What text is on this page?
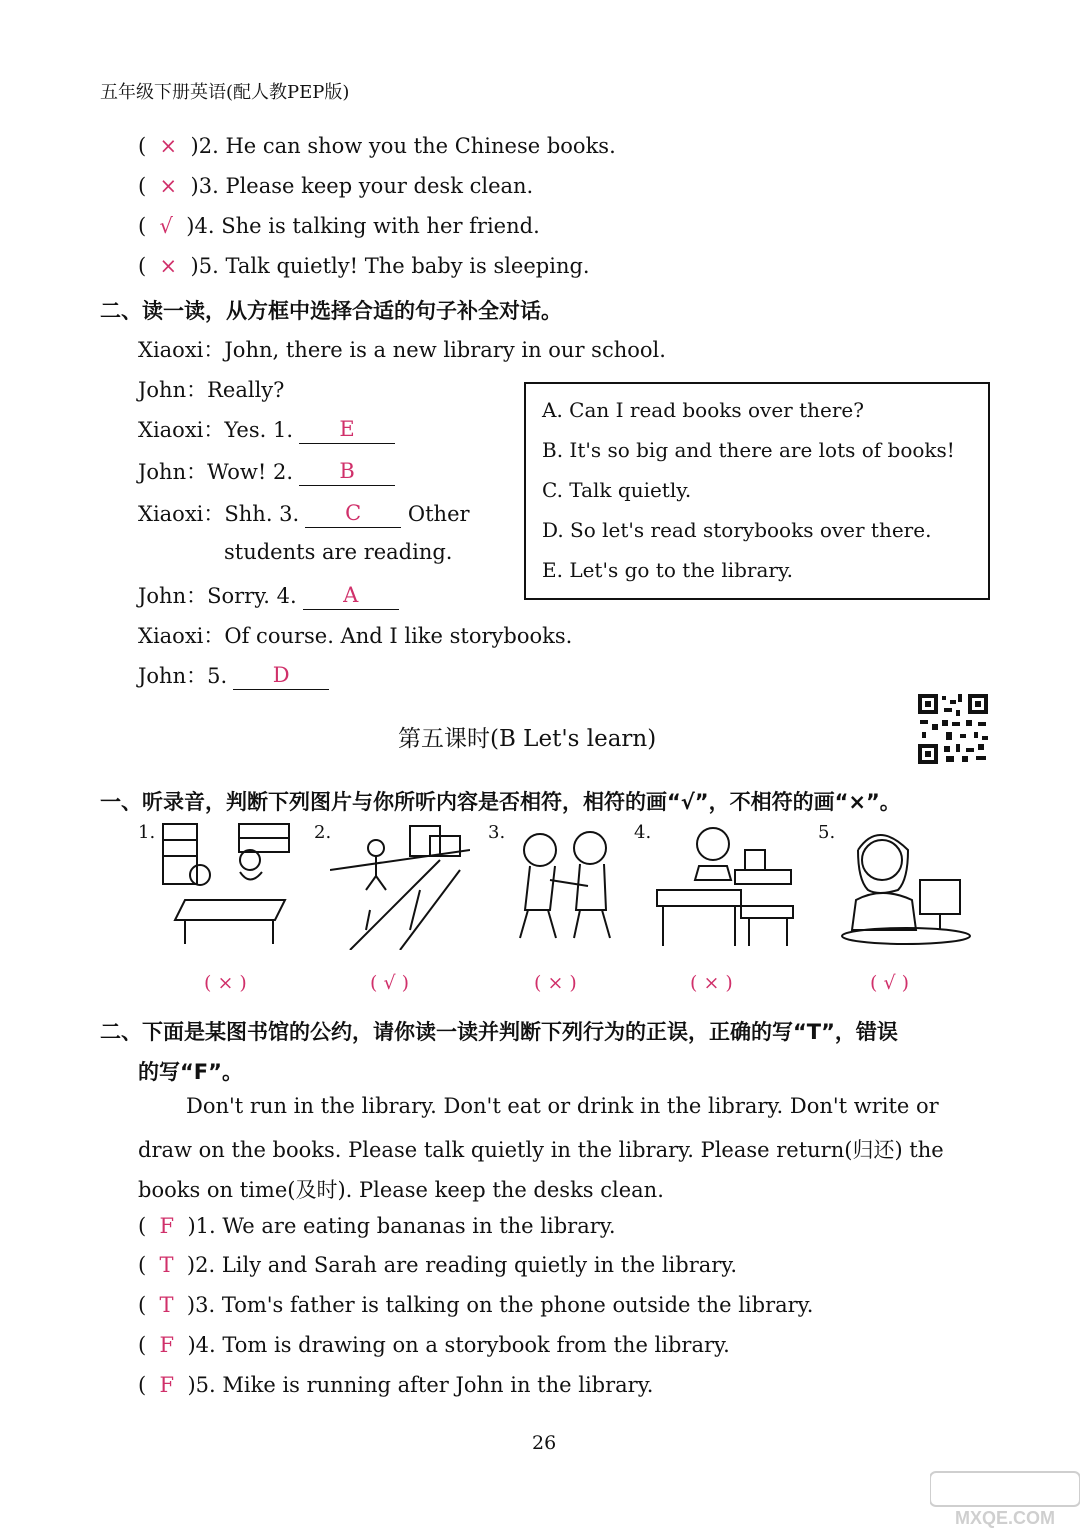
五年级下册英语(配人教PEP版)
(  ×  )2. He can show you the Chinese books.
(  ×  )3. Please keep your desk clean.
(  √  )4. She is talking with her friend.
(  ×  )5. Talk quietly! The baby is sleeping.
二、读一读，从方框中选择合适的句子补全对话。
Xiaoxi：John, there is a new library in our school.
John：Really?
Xiaoxi：Yes. 1. E
John：Wow! 2. B
Xiaoxi：Shh. 3. C Other
students are reading.
John：Sorry. 4. A
Xiaoxi：Of course. And I like storybooks.
John：5. D
A. Can I read books over there?
B. It's so big and there are lots of books!
C. Talk quietly.
D. So let's read storybooks over there.
E. Let's go to the library.
第五课时(B Let's learn)
一、听录音，判断下列图片与你所听内容是否相符，相符的画“√”，不相符的画“×”。
1.
( × )
2.
( √ )
3.
( × )
4.
( × )
5.
( √ )
二、下面是某图书馆的公约，请你读一读并判断下列行为的正误，正确的写“T”，错误
的写“F”。
Don't run in the library. Don't eat or drink in the library. Don't write or
draw on the books. Please talk quietly in the library. Please return(归还) the
books on time(及时). Please keep the desks clean.
(  F  )1. We are eating bananas in the library.
(  T  )2. Lily and Sarah are reading quietly in the library.
(  T  )3. Tom's father is talking on the phone outside the library.
(  F  )4. Tom is drawing on a storybook from the library.
(  F  )5. Mike is running after John in the library.
26
MXQE.COM
